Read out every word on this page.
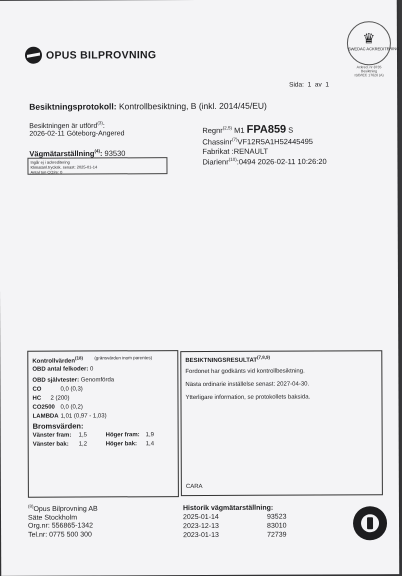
OPUS BILPROVNING
♛
SWEDAC ACKREDITERING
Ackred. nr 8735
Besiktning
ISO/IEC 17020 (A)
Sida: 1 av 1
Besiktningsprotokoll: Kontrollbesiktning, B (inkl. 2014/45/EU)
Besiktningen är utförd$^{(3)}$:
2026-02-11 Göteborg-Angered
Vägmätarställning$^{(4)}$: 93530
Ingår ej i ackreditering
Klimatanl.trycksk. senast: 2025-01-14
Antal ton CO2e: 0
Regnr$^{(2,5)}$ M1 FPA859 S
Chassinr$^{(7)}$VF12R5A1H52445495
Fabrikat :RENAULT
Diarienr$^{(10)}$:0494 2026-02-11 10:26:20
Kontrollvärden$^{(18)}$	(gränsvärden inom parentes)
OBD antal felkoder: 0
OBD självtester: Genomförda
CO	0,0 (0,3)
HC 2 (200)
CO2500 0,0 (0,2)
LAMBDA 1,01 (0,97 - 1,03)
Bromsvärden:
Vänster fram: 1,5	Höger fram: 1,9
Vänster bak: 1,2	Höger bak: 1,4
BESIKTNINGSRESULTAT$^{(7,8,9)}$
Fordonet har godkänts vid kontrollbesiktning.
Nästa ordinarie inställelse senast: 2027-04-30.
Ytterligare information, se protokollets baksida.
CARA
$^{(8)}$Opus Bilprovning AB
Säte Stockholm
Org.nr: 556865-1342
Tel.nr: 0775 500 300
Historik vägmätarställning:
2025-01-14	93523
2023-12-13	83010
2023-01-13	72739
